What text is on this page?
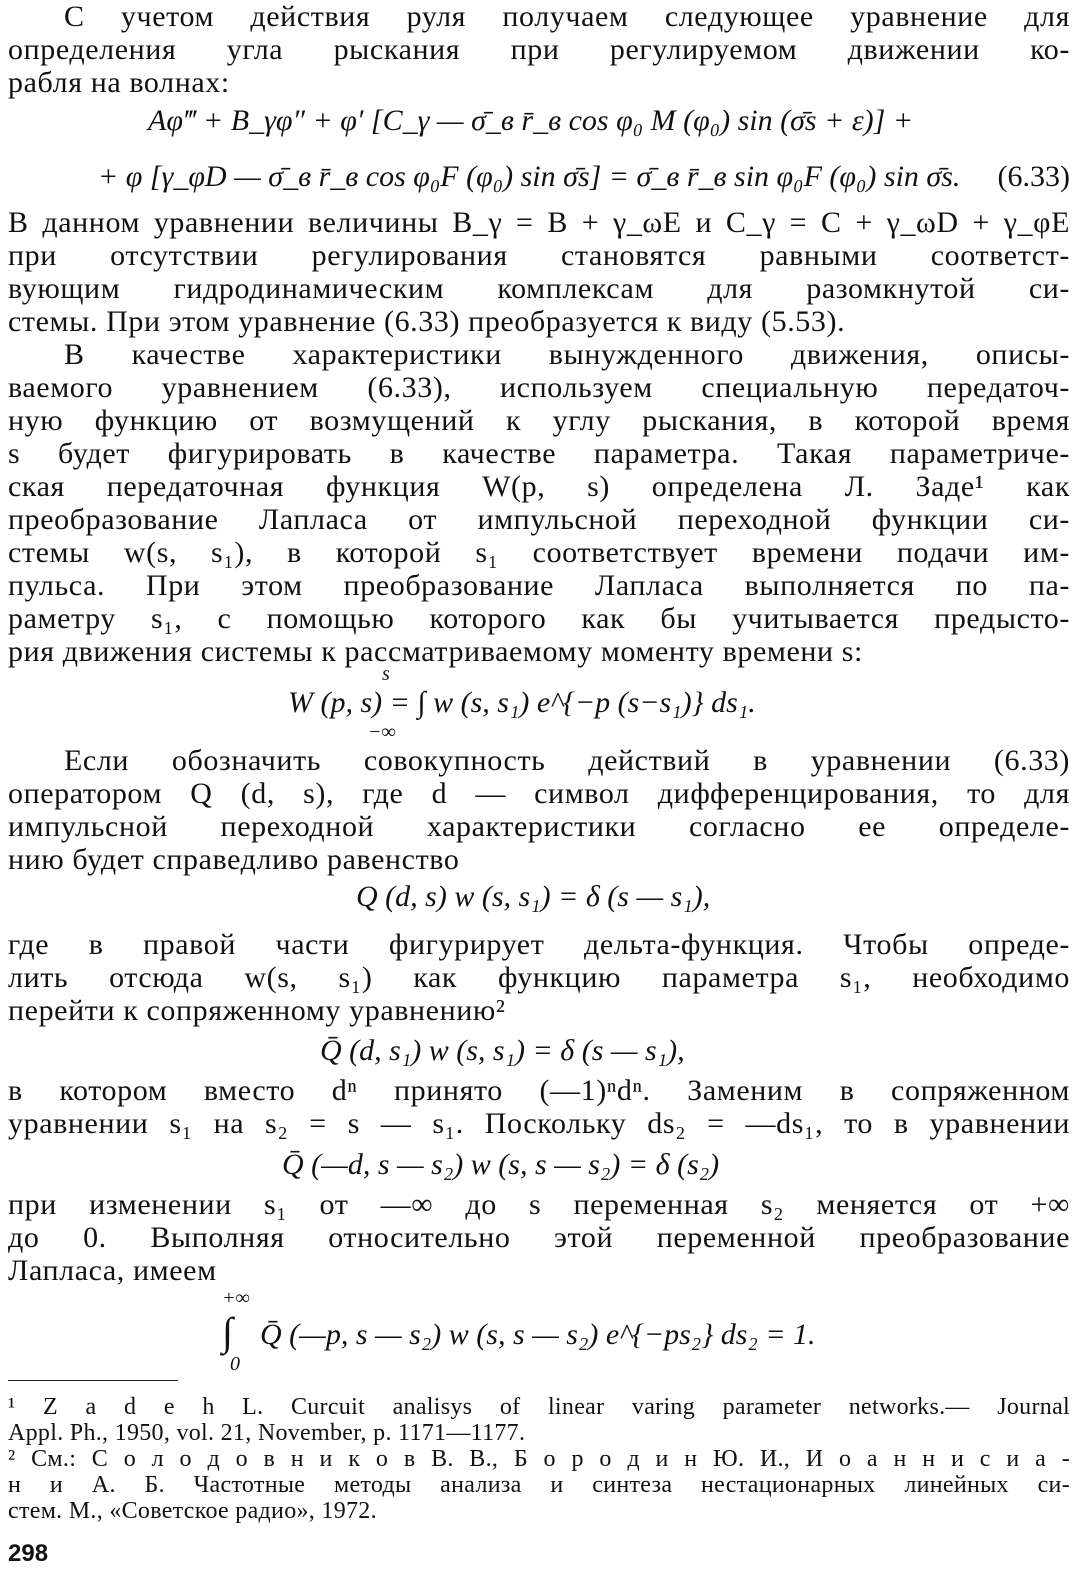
С учетом действия руля получаем следующее уравнение для
определения угла рыскания при регулируемом движении ко-
рабля на волнах:
Aφ‴ + B_γφ″ + φ′ [C_γ — σ̄_в r̄_в cos φ₀ M (φ₀) sin (σ̄s + ε)] +
+ φ [γ_φD — σ̄_в r̄_в cos φ₀F (φ₀) sin σ̄s] = σ̄_в r̄_в sin φ₀F (φ₀) sin σ̄s. (6.33)
В данном уравнении величины B_γ = B + γ_ωE и C_γ = C + γ_ωD + γ_φE
при отсутствии регулирования становятся равными соответст-
вующим гидродинамическим комплексам для разомкнутой си-
стемы. При этом уравнение (6.33) преобразуется к виду (5.53).
В качестве характеристики вынужденного движения, описы-
ваемого уравнением (6.33), используем специальную передаточ-
ную функцию от возмущений к углу рыскания, в которой время
s будет фигурировать в качестве параметра. Такая параметриче-
ская передаточная функция W(p, s) определена Л. Заде¹ как
преобразование Лапласа от импульсной переходной функции си-
стемы w(s, s₁), в которой s₁ соответствует времени подачи им-
пульса. При этом преобразование Лапласа выполняется по па-
раметру s₁, с помощью которого как бы учитывается предысто-
рия движения системы к рассматриваемому моменту времени s:
s
W (p, s) = ∫ w (s, s₁) e^{−p (s−s₁)} ds₁.
−∞
Если обозначить совокупность действий в уравнении (6.33)
оператором Q (d, s), где d — символ дифференцирования, то для
импульсной переходной характеристики согласно ее определе-
нию будет справедливо равенство
Q (d, s) w (s, s₁) = δ (s — s₁),
где в правой части фигурирует дельта-функция. Чтобы опреде-
лить отсюда w(s, s₁) как функцию параметра s₁, необходимо
перейти к сопряженному уравнению²
Q̄ (d, s₁) w (s, s₁) = δ (s — s₁),
в котором вместо dⁿ принято (—1)ⁿdⁿ. Заменим в сопряженном
уравнении s₁ на s₂ = s — s₁. Поскольку ds₂ = —ds₁, то в уравнении
Q̄ (—d, s — s₂) w (s, s — s₂) = δ (s₂)
при изменении s₁ от —∞ до s переменная s₂ меняется от +∞
до 0. Выполняя относительно этой переменной преобразование
Лапласа, имеем
+∞
∫ Q̄ (—p, s — s₂) w (s, s — s₂) e^{−ps₂} ds₂ = 1.
0
¹ Z a d e h L. Curcuit analisys of linear varing parameter networks.— Journal
Appl. Ph., 1950, vol. 21, November, p. 1171—1177.
² См.: С о л о д о в н и к о в В. В., Б о р о д и н Ю. И., И о а н н и с и а -
н и А. Б. Частотные методы анализа и синтеза нестационарных линейных си-
стем. М., «Советское радио», 1972.
298
